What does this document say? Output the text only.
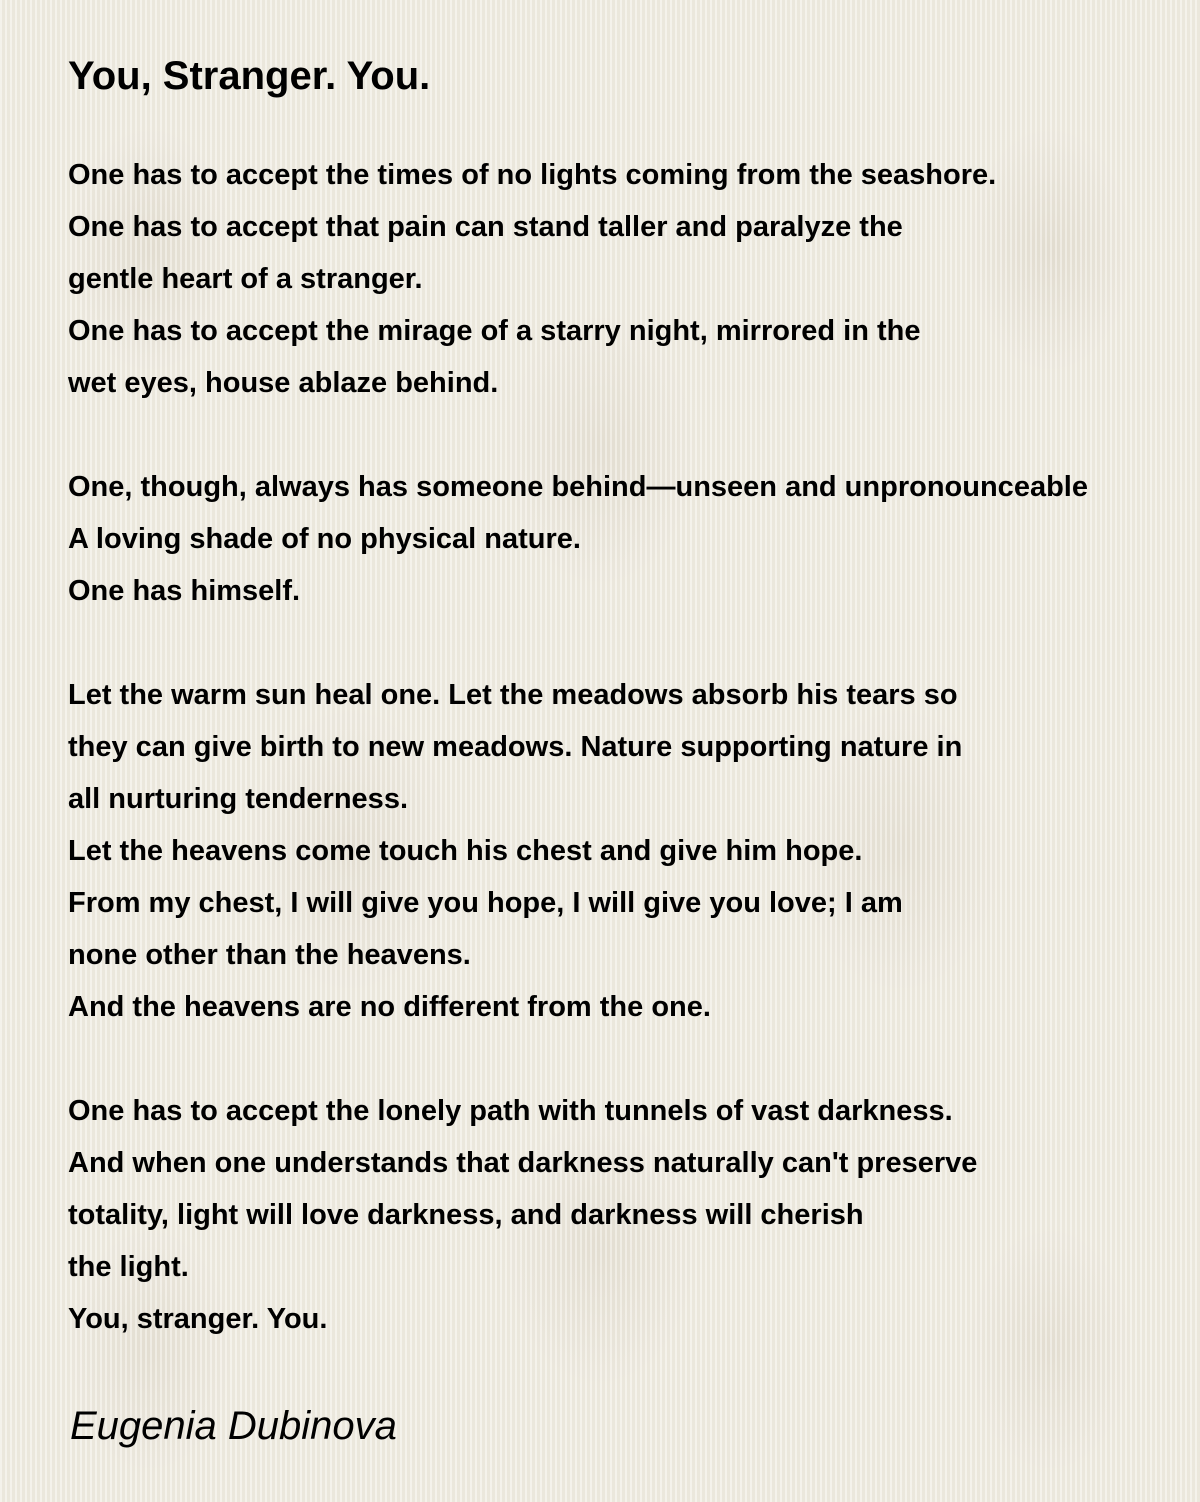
You, Stranger. You.
One has to accept the times of no lights coming from the seashore.
One has to accept that pain can stand taller and paralyze the
gentle heart of a stranger.
One has to accept the mirage of a starry night, mirrored in the
wet eyes, house ablaze behind.
One, though, always has someone behind—unseen and unpronounceable
A loving shade of no physical nature.
One has himself.
Let the warm sun heal one. Let the meadows absorb his tears so
they can give birth to new meadows. Nature supporting nature in
all nurturing tenderness.
Let the heavens come touch his chest and give him hope.
From my chest, I will give you hope, I will give you love; I am
none other than the heavens.
And the heavens are no different from the one.
One has to accept the lonely path with tunnels of vast darkness.
And when one understands that darkness naturally can't preserve
totality, light will love darkness, and darkness will cherish
the light.
You, stranger. You.
Eugenia Dubinova
